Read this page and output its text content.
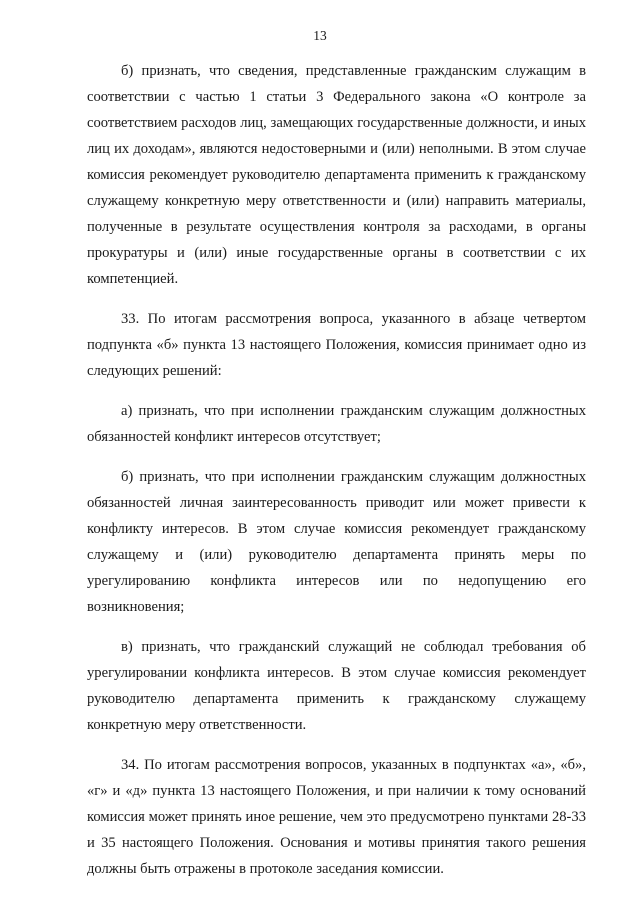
13

б) признать, что сведения, представленные гражданским служащим в соответствии с частью 1 статьи 3 Федерального закона «О контроле за соответствием расходов лиц, замещающих государственные должности, и иных лиц их доходам», являются недостоверными и (или) неполными. В этом случае комиссия рекомендует руководителю департамента применить к гражданскому служащему конкретную меру ответственности и (или) направить материалы, полученные в результате осуществления контроля за расходами, в органы прокуратуры и (или) иные государственные органы в соответствии с их компетенцией.

33. По итогам рассмотрения вопроса, указанного в абзаце четвертом подпункта «б» пункта 13 настоящего Положения, комиссия принимает одно из следующих решений:

а) признать, что при исполнении гражданским служащим должностных обязанностей конфликт интересов отсутствует;

б) признать, что при исполнении гражданским служащим должностных обязанностей личная заинтересованность приводит или может привести к конфликту интересов. В этом случае комиссия рекомендует гражданскому служащему и (или) руководителю департамента принять меры по урегулированию конфликта интересов или по недопущению его возникновения;

в) признать, что гражданский служащий не соблюдал требования об урегулировании конфликта интересов. В этом случае комиссия рекомендует руководителю департамента применить к гражданскому служащему конкретную меру ответственности.

34. По итогам рассмотрения вопросов, указанных в подпунктах «а», «б», «г» и «д» пункта 13 настоящего Положения, и при наличии к тому оснований комиссия может принять иное решение, чем это предусмотрено пунктами 28-33 и 35 настоящего Положения. Основания и мотивы принятия такого решения должны быть отражены в протоколе заседания комиссии.
